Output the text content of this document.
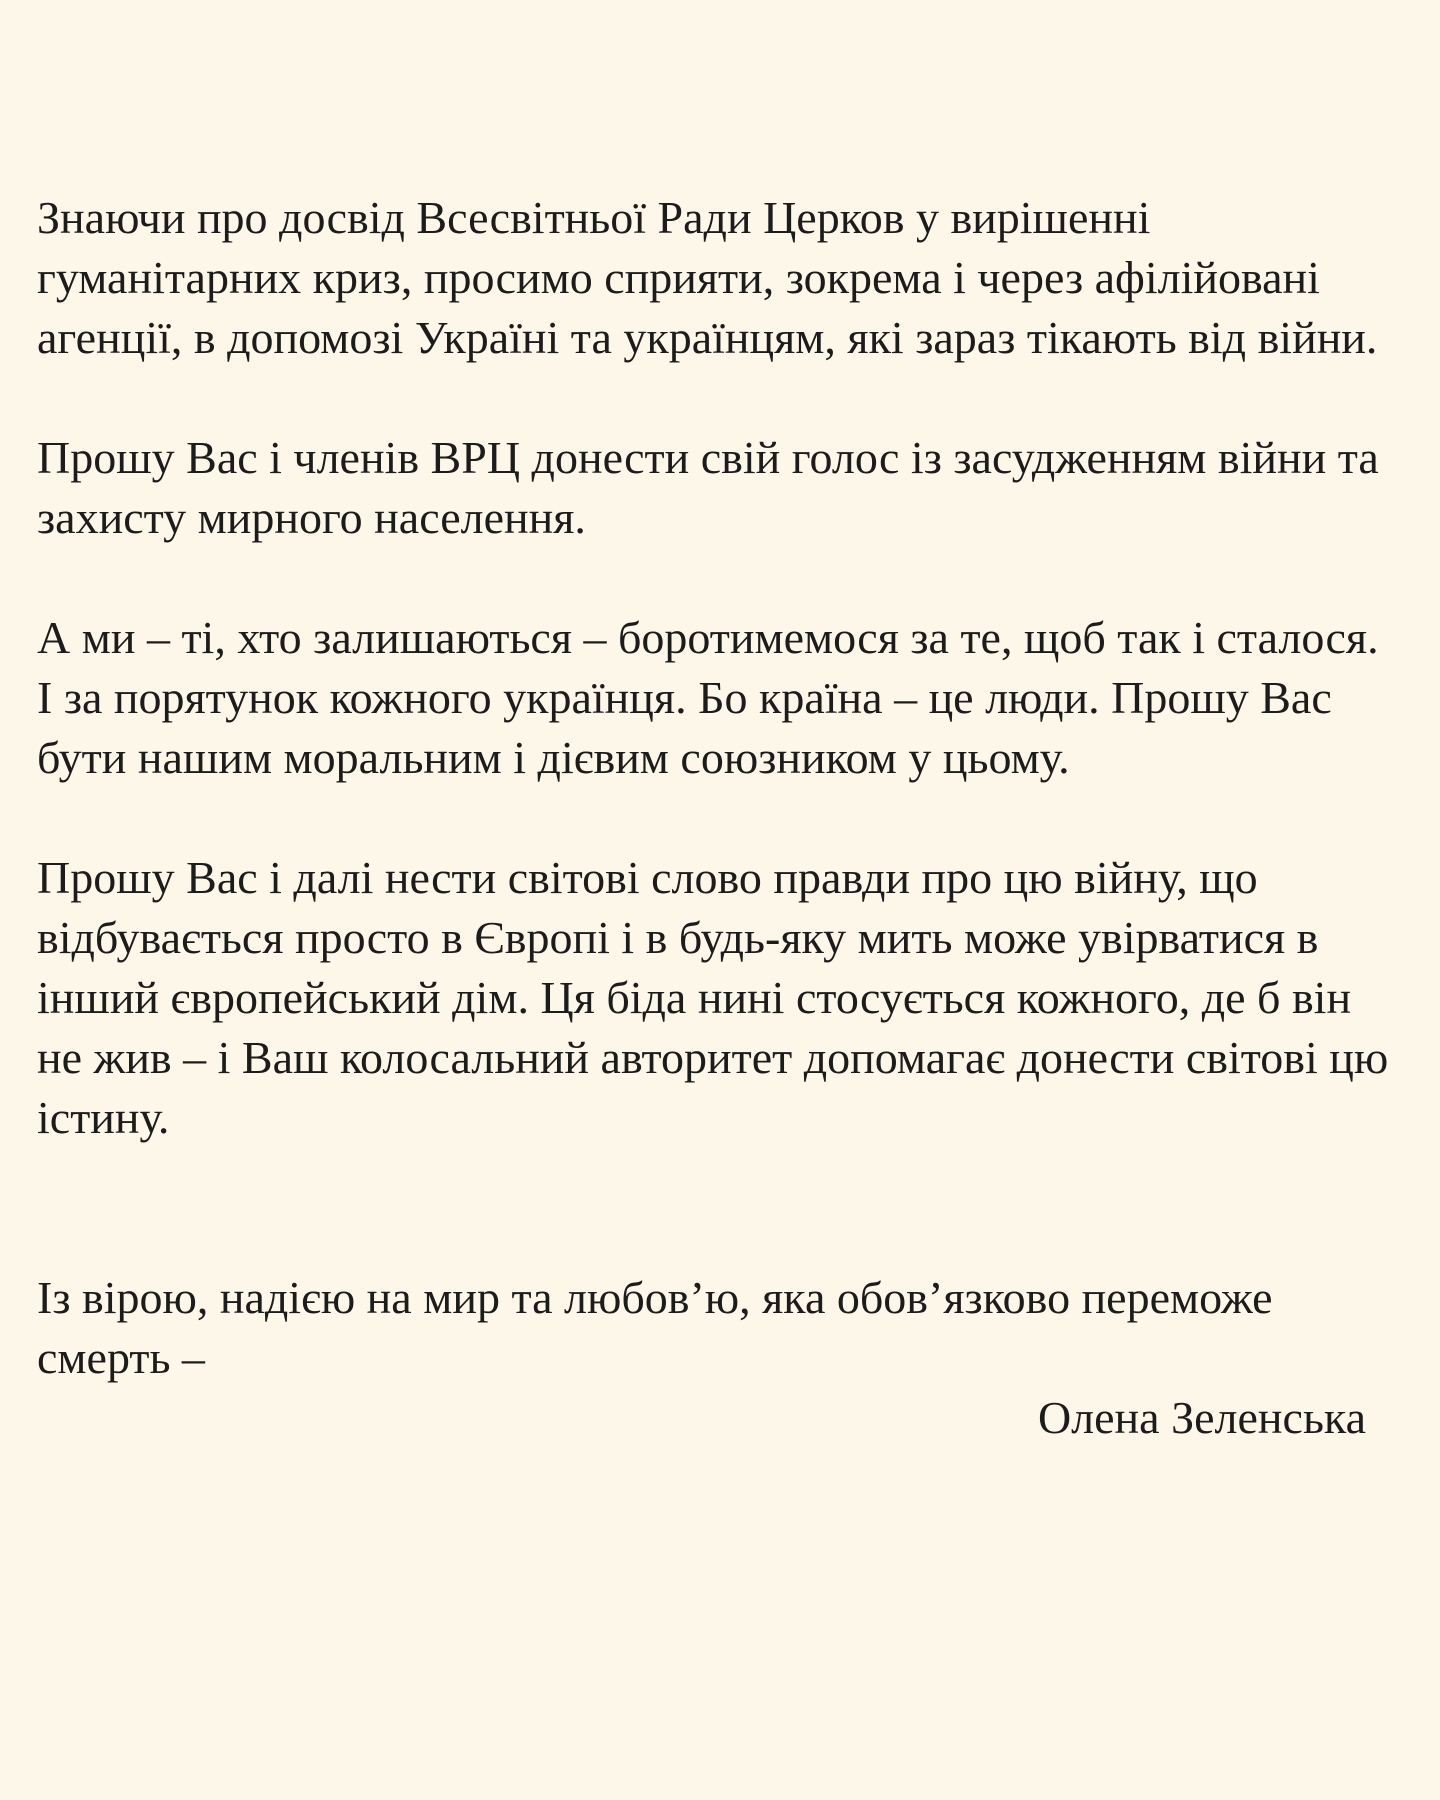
Знаючи про досвід Всесвітньої Ради Церков у вирішенні гуманітарних криз, просимо сприяти, зокрема і через афілійовані агенції, в допомозі Україні та українцям, які зараз тікають від війни.

Прошу Вас і членів ВРЦ донести свій голос із засудженням війни та захисту мирного населення.

А ми – ті, хто залишаються – боротимемося за те, щоб так і сталося. І за порятунок кожного українця. Бо країна – це люди. Прошу Вас бути нашим моральним і дієвим союзником у цьому.

Прошу Вас і далі нести світові слово правди про цю війну, що відбувається просто в Європі і в будь-яку мить може увірватися в інший європейський дім. Ця біда нині стосується кожного, де б він не жив – і Ваш колосальний авторитет допомагає донести світові цю істину.

Із вірою, надією на мир та любов’ю, яка обов’язково переможе смерть –

Олена Зеленська
